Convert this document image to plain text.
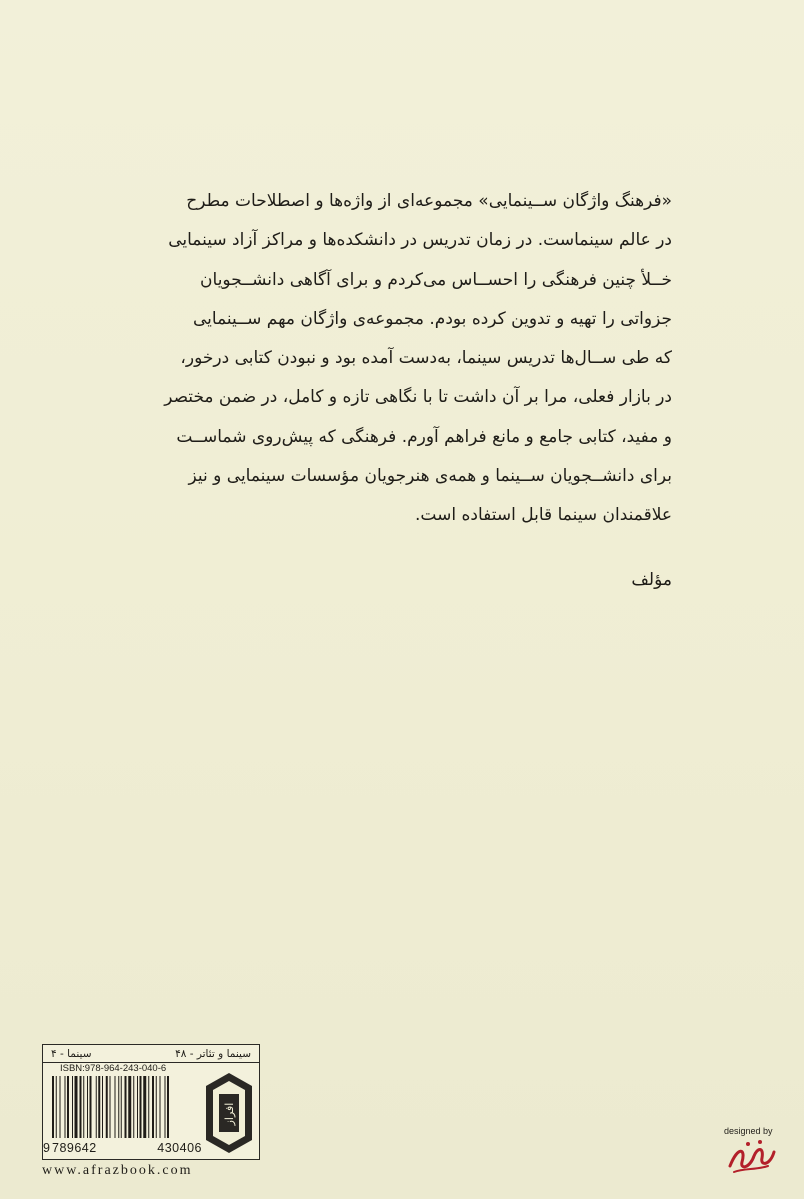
«فرهنگ واژگان ســینمایی» مجموعه‌ای از واژه‌ها و اصطلاحات مطرح
در عالم سینماست. در زمان تدریس در دانشکده‌ها و مراکز آزاد سینمایی
خــلأ چنین فرهنگی را احســاس می‌کردم و برای آگاهی دانشــجویان
جزواتی را تهیه و تدوین کرده بودم. مجموعه‌ی واژگان مهم ســینمایی
که طی ســال‌ها تدریس سینما، به‌دست آمده بود و نبودن کتابی درخور،
در بازار فعلی، مرا بر آن داشت تا با نگاهی تازه و کامل، در ضمن مختصر
و مفید، کتابی جامع و مانع فراهم آورم. فرهنگی که پیش‌روی شماســت
برای دانشــجویان ســینما و همه‌ی هنرجویان مؤسسات سینمایی و نیز
علاقمندان سینما قابل استفاده است.
مؤلف
سینما و تئاتر - ۴۸
سینما - ۴
ISBN:978-964-243-040-6
9 789642	430406
افراز
www.afrazbook.com
designed by
